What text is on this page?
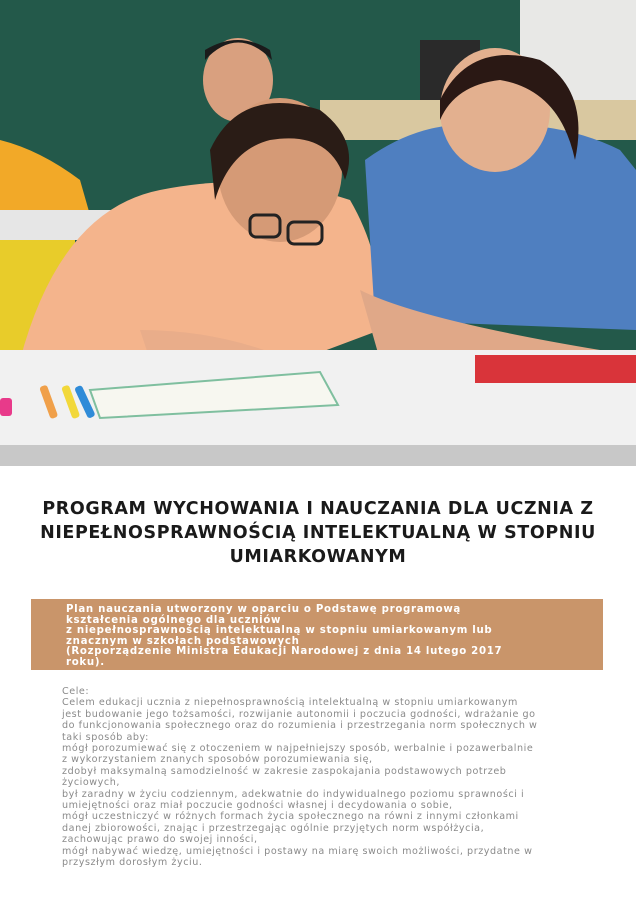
PROGRAM WYCHOWANIA I NAUCZANIA DLA UCZNIA Z NIEPEŁNOSPRAWNOŚCIĄ INTELEKTUALNĄ W STOPNIU UMIARKOWANYM

Plan nauczania utworzony w oparciu o Podstawę programową
kształcenia ogólnego dla uczniów
z niepełnosprawnością intelektualną w stopniu umiarkowanym lub
znacznym w szkołach podstawowych
(Rozporządzenie Ministra Edukacji Narodowej z dnia 14 lutego 2017
roku).

Cele:
Celem edukacji ucznia z niepełnosprawnością intelektualną w stopniu umiarkowanym
jest budowanie jego tożsamości, rozwijanie autonomii i poczucia godności, wdrażanie go
do funkcjonowania społecznego oraz do rozumienia i przestrzegania norm społecznych w
taki sposób aby:
mógł porozumiewać się z otoczeniem w najpełniejszy sposób, werbalnie i pozawerbalnie
z wykorzystaniem znanych sposobów porozumiewania się,
zdobył maksymalną samodzielność w zakresie zaspokajania podstawowych potrzeb
życiowych,
był zaradny w życiu codziennym, adekwatnie do indywidualnego poziomu sprawności i
umiejętności oraz miał poczucie godności własnej i decydowania o sobie,
mógł uczestniczyć w różnych formach życia społecznego na równi z innymi członkami
danej zbiorowości, znając i przestrzegając ogólnie przyjętych norm współżycia,
zachowując prawo do swojej inności,
mógł nabywać wiedzę, umiejętności i postawy na miarę swoich możliwości, przydatne w
przyszłym dorosłym życiu.
